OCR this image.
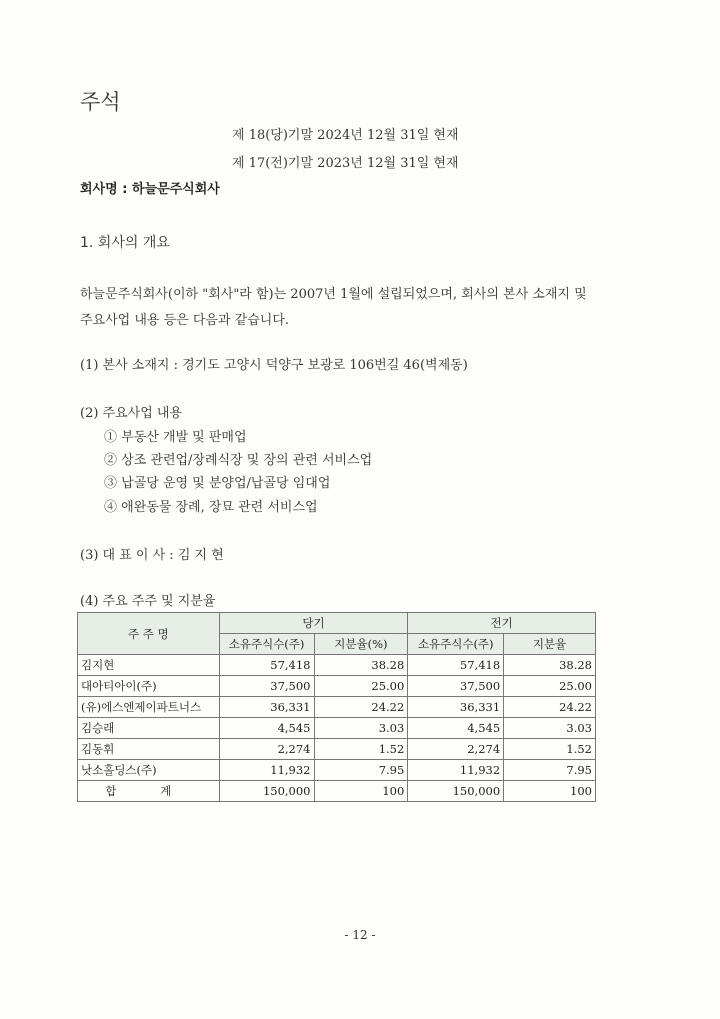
주석
제 18(당)기말 2024년 12월 31일 현재
제 17(전)기말 2023년 12월 31일 현재
회사명 : 하늘문주식회사
1. 회사의 개요
하늘문주식회사(이하 "회사"라 함)는 2007년 1월에 설립되었으며, 회사의 본사 소재지 및
주요사업 내용 등은 다음과 같습니다.
(1) 본사 소재지 : 경기도 고양시 덕양구 보광로 106번길 46(벽제동)
(2) 주요사업 내용
① 부동산 개발 및 판매업
② 상조 관련업/장례식장 및 장의 관련 서비스업
③ 납골당 운영 및 분양업/납골당 임대업
④ 애완동물 장례, 장묘 관련 서비스업
(3) 대 표 이 사 : 김 지 현
(4) 주요 주주 및 지분율
주 주 명	당기		전기	
	소유주식수(주)	지분율(%)	소유주식수(주)	지분율
김지현	57,418	38.28	57,418	38.28
대아티아이(주)	37,500	25.00	37,500	25.00
(유)에스엔제이파트너스	36,331	24.22	36,331	24.22
김승래	4,545	3.03	4,545	3.03
김동휘	2,274	1.52	2,274	1.52
낫소홀딩스(주)	11,932	7.95	11,932	7.95
합 계	150,000	100	150,000	100
- 12 -
